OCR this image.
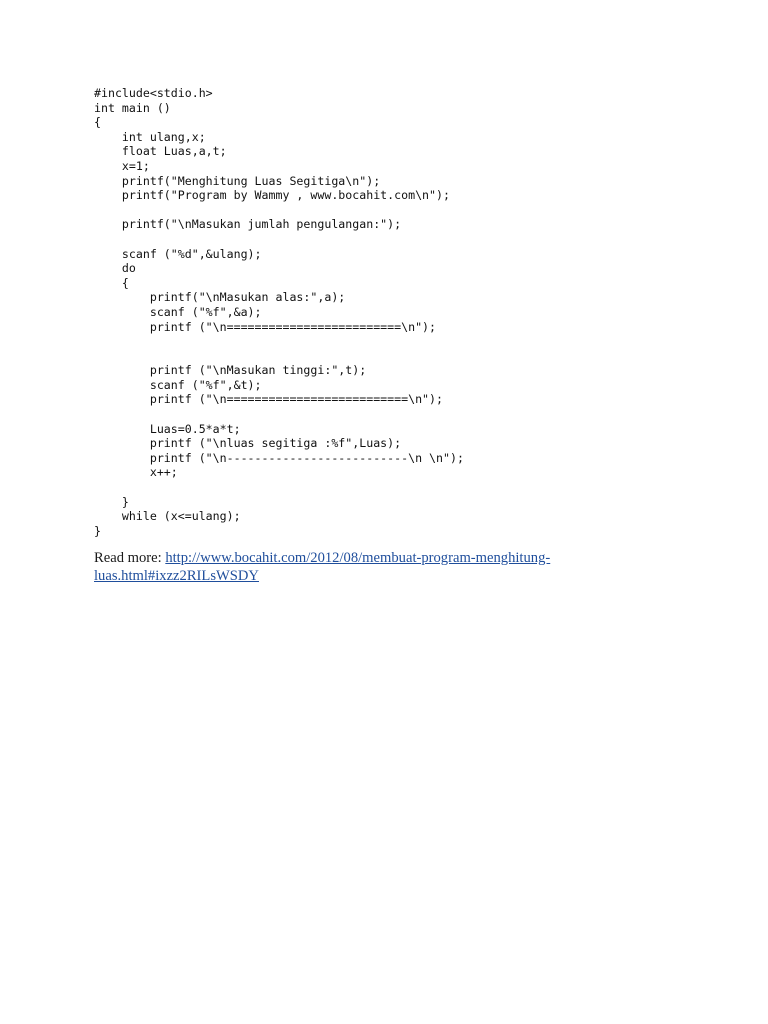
#include<stdio.h>
int main ()
{
int ulang,x;
float Luas,a,t;
x=1;
printf("Menghitung Luas Segitiga\n");
printf("Program by Wammy , www.bocahit.com\n");
printf("\nMasukan jumlah pengulangan:");
scanf ("%d",&ulang);
do
{
printf("\nMasukan alas:",a);
scanf ("%f",&a);
printf ("\n=========================\n");
printf ("\nMasukan tinggi:",t);
scanf ("%f",&t);
printf ("\n==========================\n");
Luas=0.5*a*t;
printf ("\nluas segitiga :%f",Luas);
printf ("\n--------------------------\n \n");
x++;
}
while (x<=ulang);
}
Read more: http://www.bocahit.com/2012/08/membuat-program-menghitung-luas.html#ixzz2RILsWSDY
